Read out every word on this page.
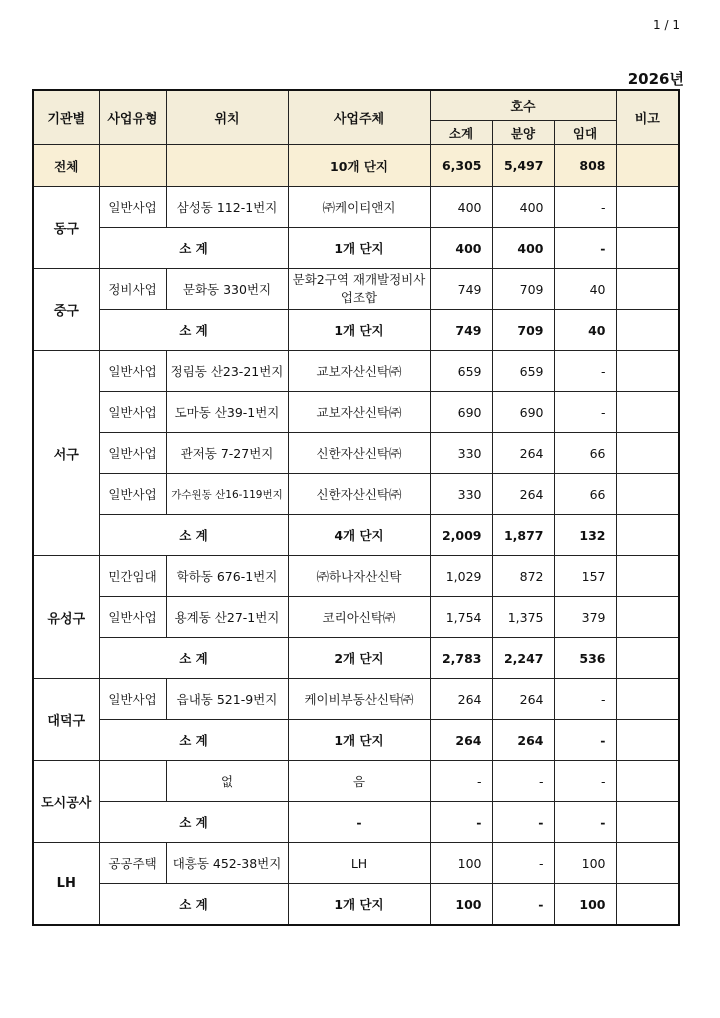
1 / 1
2026년
기관별	사업유형	위치	사업주체	호수			비고
				소계	분양	임대	
전체			10개 단지	6,305	5,497	808	
동구	일반사업	삼성동 112-1번지	㈜케이티앤지	400	400	-	
	소 계		1개 단지	400	400	-	
중구	정비사업	문화동 330번지	문화2구역 재개발정비사업조합	749	709	40	
	소 계		1개 단지	749	709	40	
서구	일반사업	정림동 산23-21번지	교보자산신탁㈜	659	659	-	
	일반사업	도마동 산39-1번지	교보자산신탁㈜	690	690	-	
	일반사업	관저동 7-27번지	신한자산신탁㈜	330	264	66	
	일반사업	가수원동 산16-119번지	신한자산신탁㈜	330	264	66	
	소 계		4개 단지	2,009	1,877	132	
유성구	민간임대	학하동 676-1번지	㈜하나자산신탁	1,029	872	157	
	일반사업	용계동 산27-1번지	코리아신탁㈜	1,754	1,375	379	
	소 계		2개 단지	2,783	2,247	536	
대덕구	일반사업	읍내동 521-9번지	케이비부동산신탁㈜	264	264	-	
	소 계		1개 단지	264	264	-	
도시공사		없	음	-	-	-	
	소 계		-	-	-	-	
LH	공공주택	대흥동 452-38번지	LH	100	-	100	
	소 계		1개 단지	100	-	100	
